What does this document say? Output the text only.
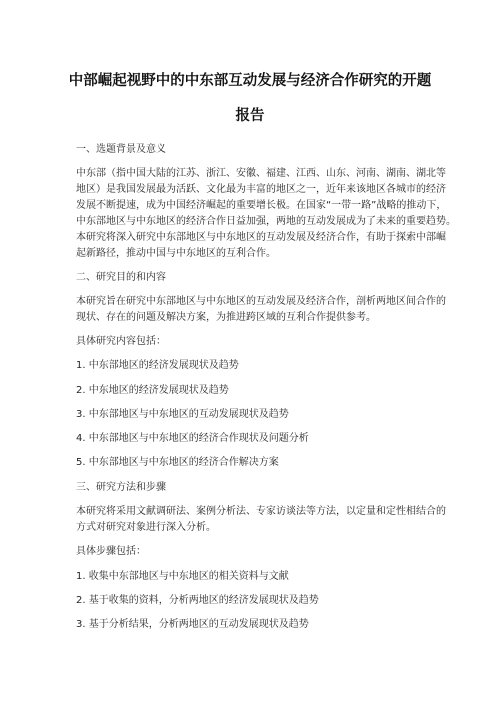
中部崛起视野中的中东部互动发展与经济合作研究的开题
报告
一、选题背景及意义
中东部（指中国大陆的江苏、浙江、安徽、福建、江西、山东、河南、湖南、湖北等
地区）是我国发展最为活跃、文化最为丰富的地区之一，近年来该地区各城市的经济
发展不断提速，成为中国经济崛起的重要增长极。在国家“一带一路”战略的推动下，
中东部地区与中东地区的经济合作日益加强，两地的互动发展成为了未来的重要趋势。
本研究将深入研究中东部地区与中东地区的互动发展及经济合作，有助于探索中部崛
起新路径，推动中国与中东地区的互利合作。
二、研究目的和内容
本研究旨在研究中东部地区与中东地区的互动发展及经济合作，剖析两地区间合作的
现状、存在的问题及解决方案，为推进跨区域的互利合作提供参考。
具体研究内容包括：
1. 中东部地区的经济发展现状及趋势
2. 中东地区的经济发展现状及趋势
3. 中东部地区与中东地区的互动发展现状及趋势
4. 中东部地区与中东地区的经济合作现状及问题分析
5. 中东部地区与中东地区的经济合作解决方案
三、研究方法和步骤
本研究将采用文献调研法、案例分析法、专家访谈法等方法，以定量和定性相结合的
方式对研究对象进行深入分析。
具体步骤包括：
1. 收集中东部地区与中东地区的相关资料与文献
2. 基于收集的资料，分析两地区的经济发展现状及趋势
3. 基于分析结果，分析两地区的互动发展现状及趋势
